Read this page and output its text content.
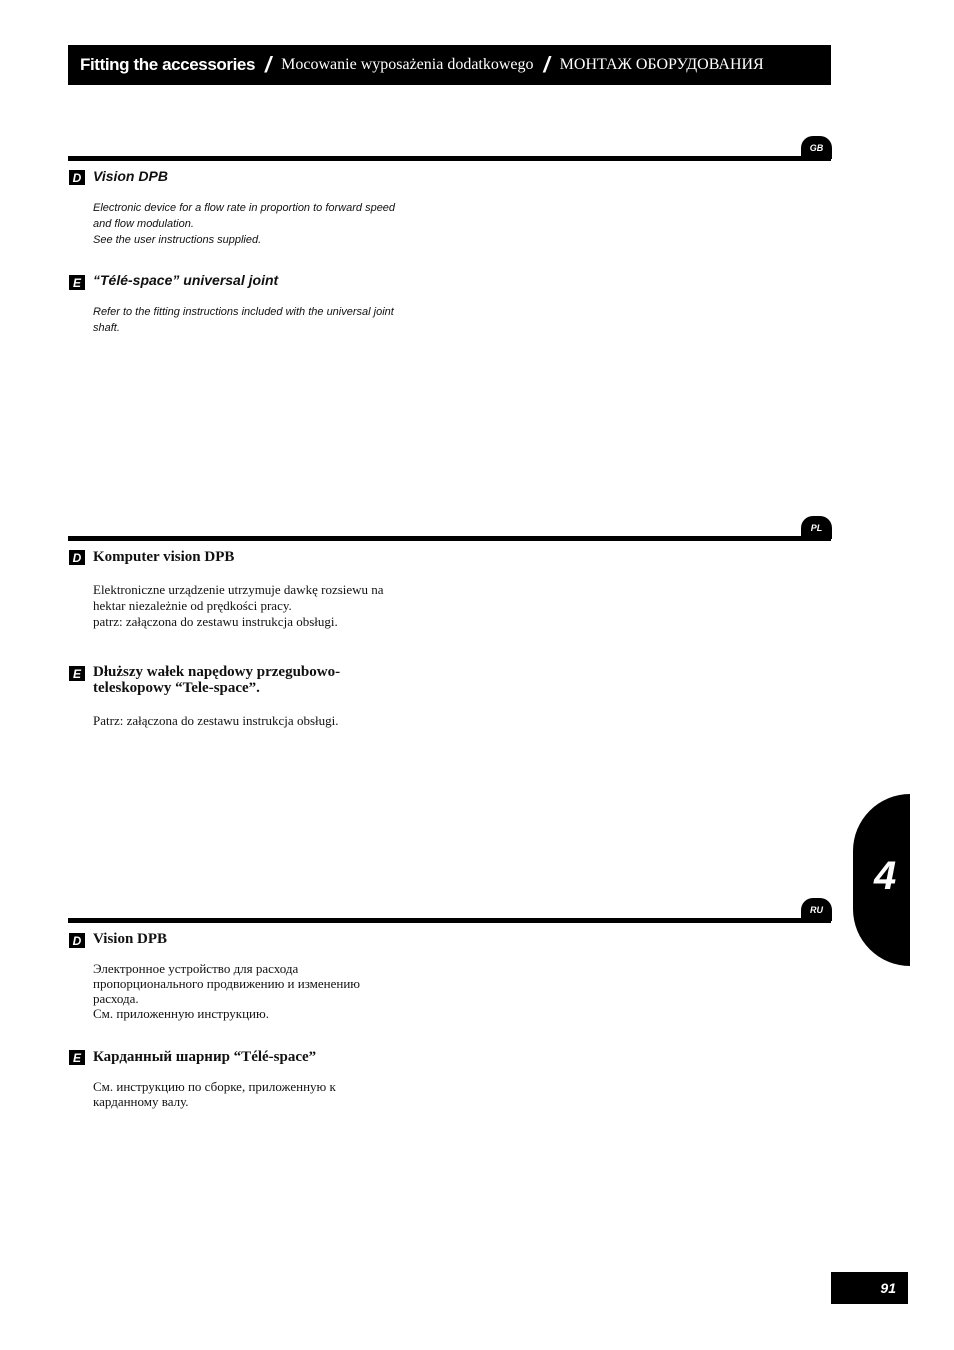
Fitting the accessories / Mocowanie wyposażenia dodatkowego / МОНТАЖ ОБОРУДОВАНИЯ
GB
D Vision DPB
Electronic device for a flow rate in proportion to forward speed
and flow modulation.
See the user instructions supplied.
E “Télé-space” universal joint
Refer to the fitting instructions included with the universal joint
shaft.
PL
D Komputer vision DPB
Elektroniczne urządzenie utrzymuje dawkę rozsiewu na
hektar niezależnie od prędkości pracy.
patrz: załączona do zestawu instrukcja obsługi.
E Dłuższy wałek napędowy przegubowo-
teleskopowy “Tele-space”.
Patrz: załączona do zestawu instrukcja obsługi.
RU
D Vision DPB
Электронное устройство для расхода
пропорционального продвижению и изменению
расхода.
См. приложенную инструкцию.
E Карданный шарнир “Télé-space”
См. инструкцию по сборке, приложенную к
карданному валу.
4
91
